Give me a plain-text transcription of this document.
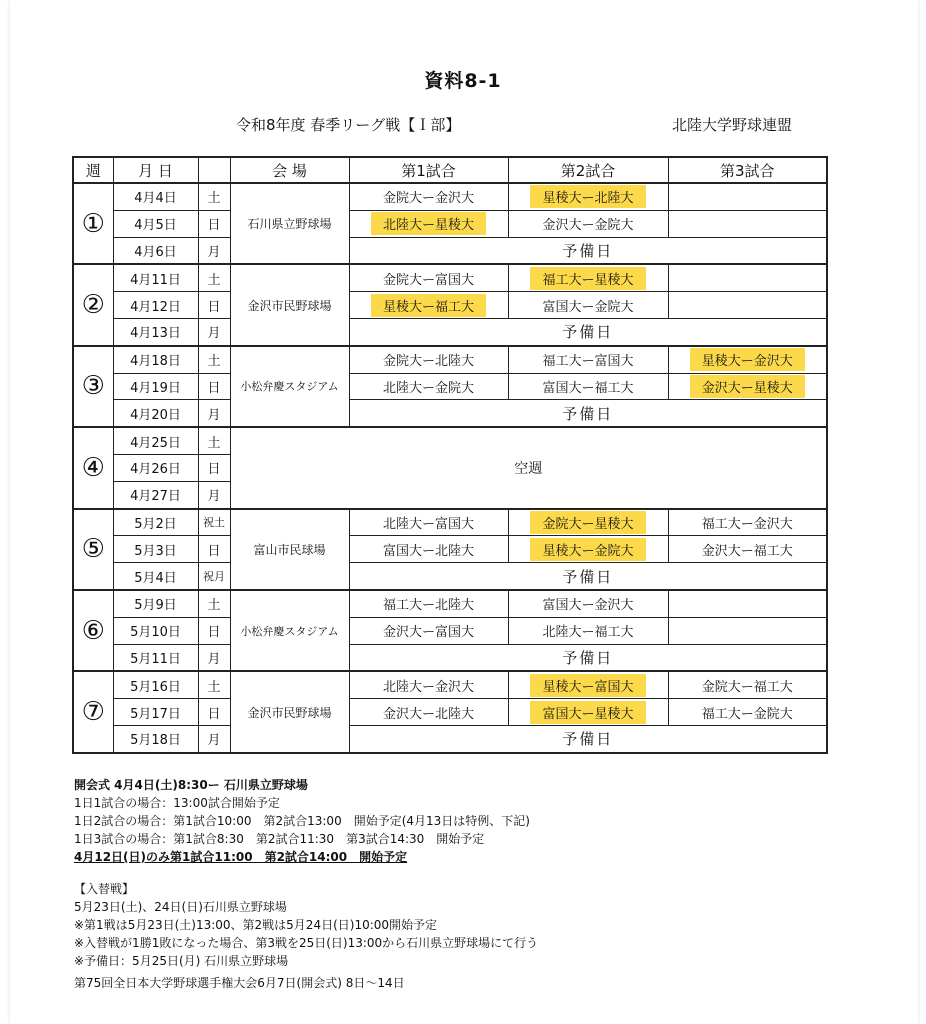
資料8-1
令和8年度 春季リーグ戦【Ｉ部】	北陸大学野球連盟
週	月 日		会 場	第1試合	第2試合	第3試合
①	4月4日	土	石川県立野球場	金院大ー金沢大	星稜大ー北陸大	
	4月5日	日		北陸大ー星稜大	金沢大ー金院大	
	4月6日	月		予備日		
②	4月11日	土	金沢市民野球場	金院大ー富国大	福工大ー星稜大	
	4月12日	日		星稜大ー福工大	富国大ー金院大	
	4月13日	月		予備日		
③	4月18日	土	小松弁慶スタジアム	金院大ー北陸大	福工大ー富国大	星稜大ー金沢大
	4月19日	日		北陸大ー金院大	富国大ー福工大	金沢大ー星稜大
	4月20日	月		予備日		
④	4月25日	土	空週			
	4月26日	日				
	4月27日	月				
⑤	5月2日	祝土	富山市民球場	北陸大ー富国大	金院大ー星稜大	福工大ー金沢大
	5月3日	日		富国大ー北陸大	星稜大ー金院大	金沢大ー福工大
	5月4日	祝月		予備日		
⑥	5月9日	土	小松弁慶スタジアム	福工大ー北陸大	富国大ー金沢大	
	5月10日	日		金沢大ー富国大	北陸大ー福工大	
	5月11日	月		予備日		
⑦	5月16日	土	金沢市民野球場	北陸大ー金沢大	星稜大ー富国大	金院大ー福工大
	5月17日	日		金沢大ー北陸大	富国大ー星稜大	福工大ー金院大
	5月18日	月		予備日		
開会式 4月4日(土)8:30ー 石川県立野球場
1日1試合の場合：13:00試合開始予定
1日2試合の場合：第1試合10:00　第2試合13:00　開始予定(4月13日は特例、下記)
1日3試合の場合：第1試合8:30　第2試合11:30　第3試合14:30　開始予定
4月12日(日)のみ第1試合11:00　第2試合14:00　開始予定
【入替戦】
5月23日(土)、24日(日)石川県立野球場
※第1戦は5月23日(土)13:00、第2戦は5月24日(日)10:00開始予定
※入替戦が1勝1敗になった場合、第3戦を25日(日)13:00から石川県立野球場にて行う
※予備日：5月25日(月) 石川県立野球場
第75回全日本大学野球選手権大会6月7日(開会式) 8日～14日
